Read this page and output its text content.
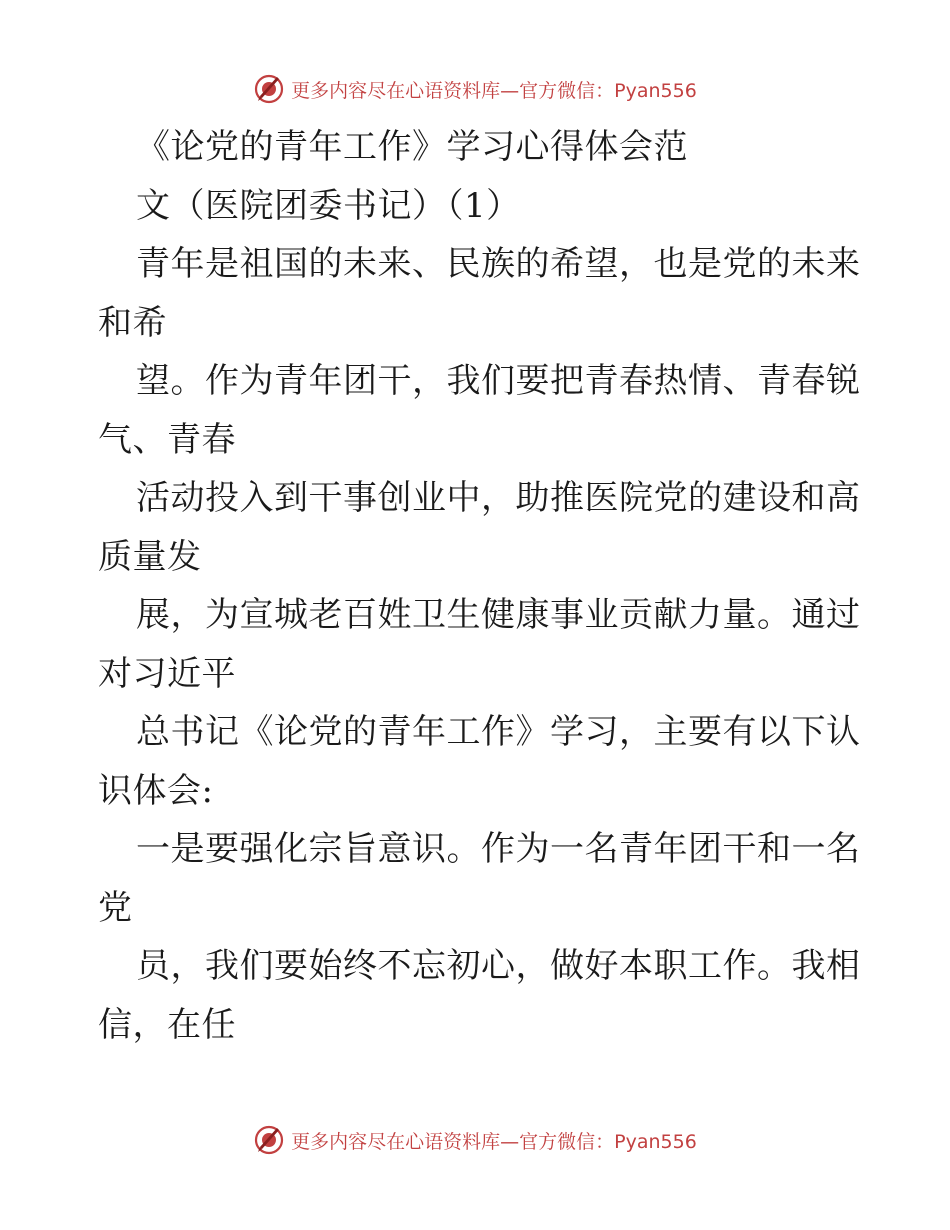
更多内容尽在心语资料库—官方微信：Pyan556
《论党的青年工作》学习心得体会范
文（医院团委书记）（1）
青年是祖国的未来、民族的希望，也是党的未来
和希
望。作为青年团干，我们要把青春热情、青春锐
气、青春
活动投入到干事创业中，助推医院党的建设和高
质量发
展，为宣城老百姓卫生健康事业贡献力量。通过
对习近平
总书记《论党的青年工作》学习，主要有以下认
识体会:
一是要强化宗旨意识。作为一名青年团干和一名
党
员，我们要始终不忘初心，做好本职工作。我相
信，在任
更多内容尽在心语资料库—官方微信：Pyan556
